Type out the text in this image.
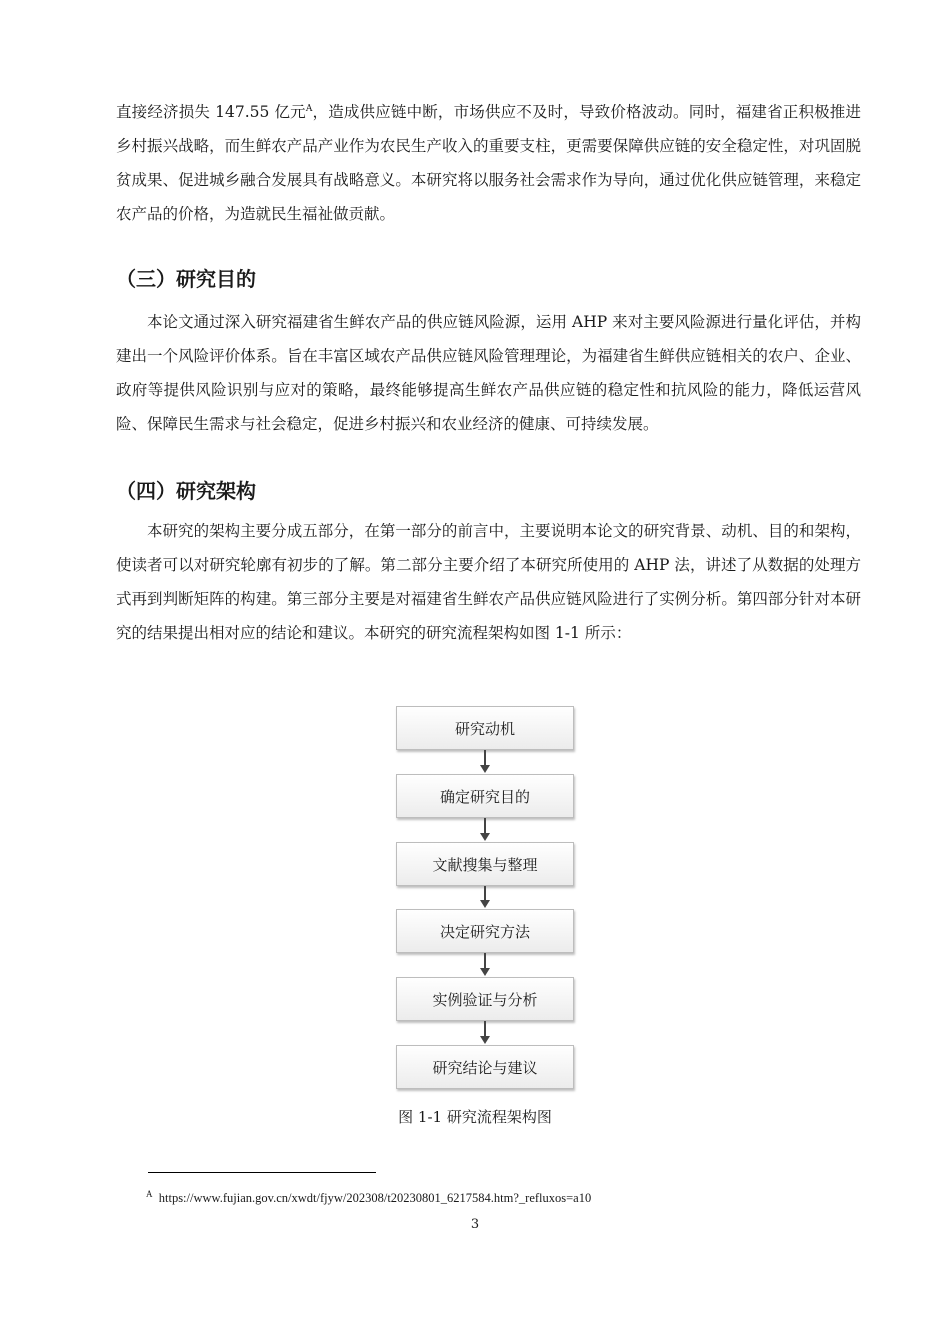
直接经济损失 147.55 亿元$^A$，造成供应链中断，市场供应不及时，导致价格波动。同时，福建省正积极推进乡村振兴战略，而生鲜农产品产业作为农民生产收入的重要支柱，更需要保障供应链的安全稳定性，对巩固脱贫成果、促进城乡融合发展具有战略意义。本研究将以服务社会需求作为导向，通过优化供应链管理，来稳定农产品的价格，为造就民生福祉做贡献。

（三）研究目的

本论文通过深入研究福建省生鲜农产品的供应链风险源，运用 AHP 来对主要风险源进行量化评估，并构建出一个风险评价体系。旨在丰富区域农产品供应链风险管理理论，为福建省生鲜供应链相关的农户、企业、政府等提供风险识别与应对的策略，最终能够提高生鲜农产品供应链的稳定性和抗风险的能力，降低运营风险、保障民生需求与社会稳定，促进乡村振兴和农业经济的健康、可持续发展。

（四）研究架构

本研究的架构主要分成五部分，在第一部分的前言中，主要说明本论文的研究背景、动机、目的和架构，使读者可以对研究轮廓有初步的了解。第二部分主要介绍了本研究所使用的 AHP 法，讲述了从数据的处理方式再到判断矩阵的构建。第三部分主要是对福建省生鲜农产品供应链风险进行了实例分析。第四部分针对本研究的结果提出相对应的结论和建议。本研究的研究流程架构如图 1-1 所示：

研究动机
确定研究目的
文献搜集与整理
决定研究方法
实例验证与分析
研究结论与建议
图 1-1 研究流程架构图
$^A$ https://www.fujian.gov.cn/xwdt/fjyw/202308/t20230801_6217584.htm?_refluxos=a10
3
